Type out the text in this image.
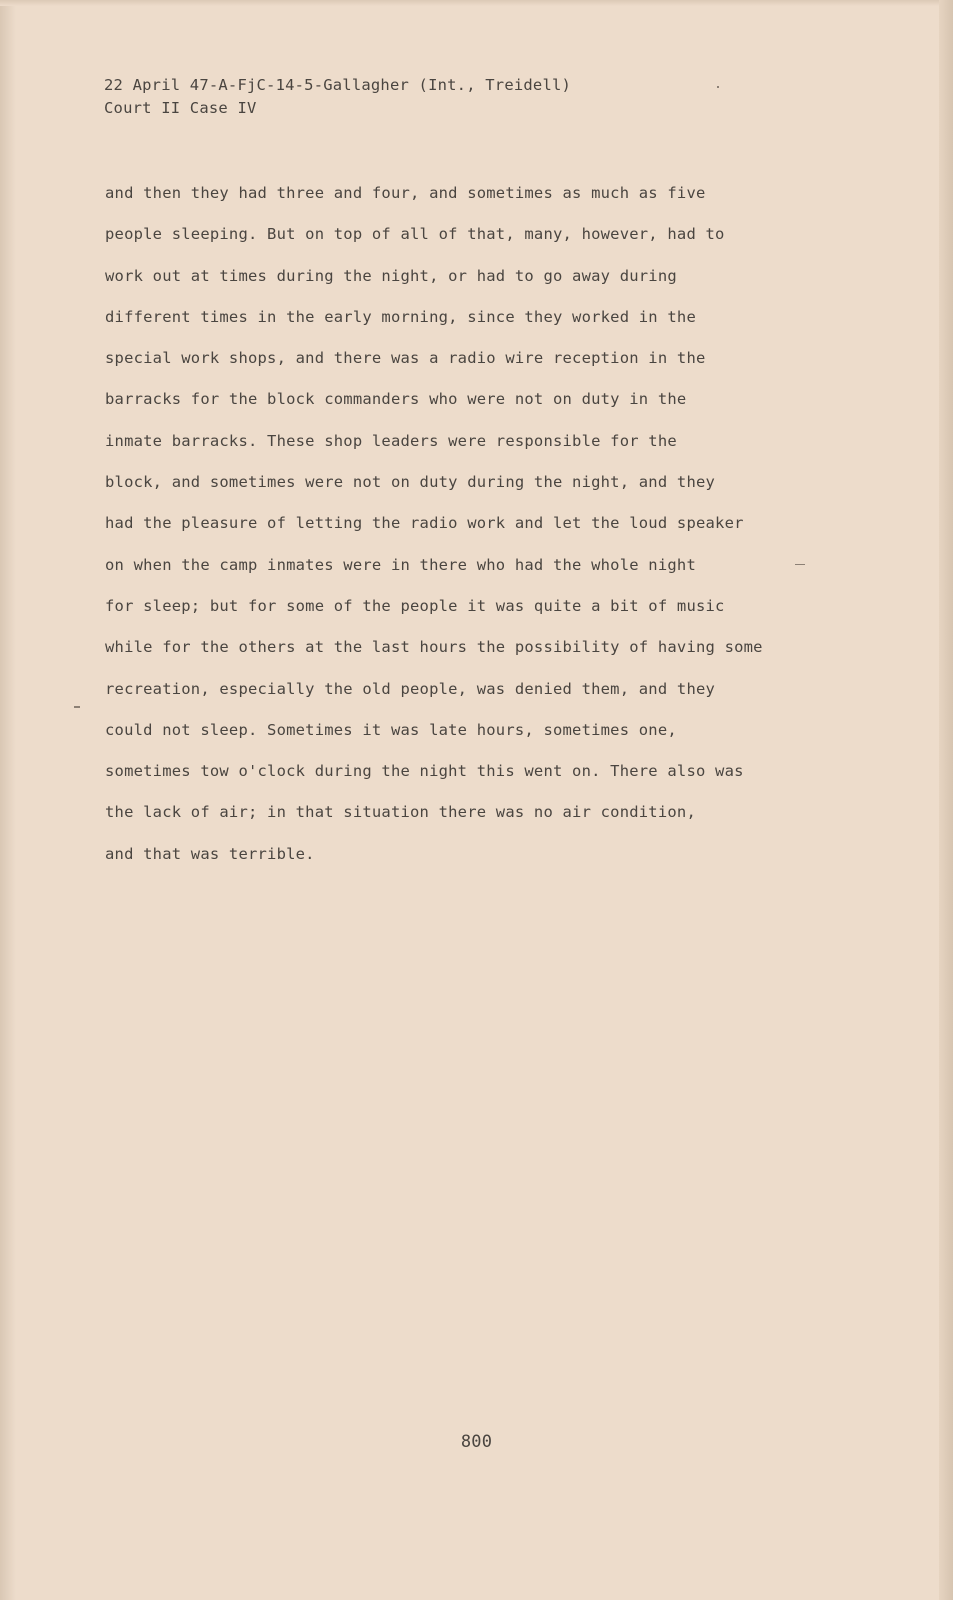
22 April 47-A-FjC-14-5-Gallagher (Int., Treidell)
Court II Case IV
and then they had three and four, and sometimes as much as five
people sleeping. But on top of all of that, many, however, had to
work out at times during the night, or had to go away during
different times in the early morning, since they worked in the
special work shops, and there was a radio wire reception in the
barracks for the block commanders who were not on duty in the
inmate barracks. These shop leaders were responsible for the
block, and sometimes were not on duty during the night, and they
had the pleasure of letting the radio work and let the loud speaker
on when the camp inmates were in there who had the whole night
for sleep; but for some of the people it was quite a bit of music
while for the others at the last hours the possibility of having some
recreation, especially the old people, was denied them, and they
could not sleep. Sometimes it was late hours, sometimes one,
sometimes tow o'clock during the night this went on. There also was
the lack of air; in that situation there was no air condition,
and that was terrible.
800
